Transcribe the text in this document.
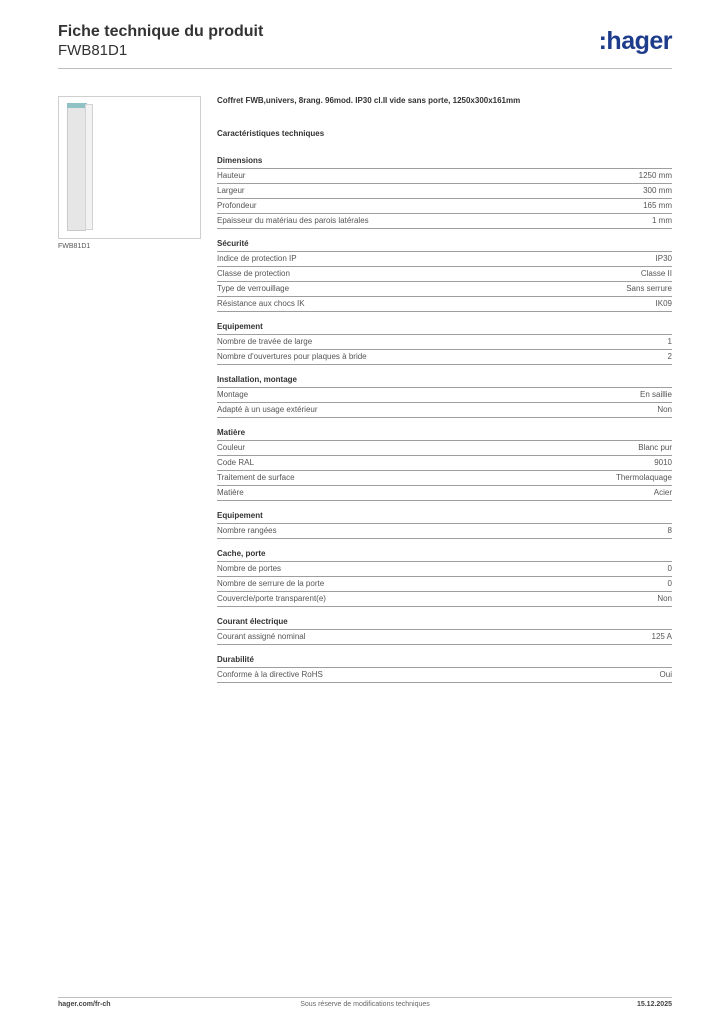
Fiche technique du produit
FWB81D1	:hager
FWB81D1
Coffret FWB,univers, 8rang. 96mod. IP30 cl.II vide sans porte, 1250x300x161mm
Caractéristiques techniques
Dimensions
Hauteur	1250 mm
Largeur	300 mm
Profondeur	165 mm
Epaisseur du matériau des parois latérales	1 mm
Sécurité
Indice de protection IP	IP30
Classe de protection	Classe II
Type de verrouillage	Sans serrure
Résistance aux chocs IK	IK09
Equipement
Nombre de travée de large	1
Nombre d'ouvertures pour plaques à bride	2
Installation, montage
Montage	En saillie
Adapté à un usage extérieur	Non
Matière
Couleur	Blanc pur
Code RAL	9010
Traitement de surface	Thermolaquage
Matière	Acier
Equipement
Nombre rangées	8
Cache, porte
Nombre de portes	0
Nombre de serrure de la porte	0
Couvercle/porte transparent(e)	Non
Courant électrique
Courant assigné nominal	125 A
Durabilité
Conforme à la directive RoHS	Oui
hager.com/fr-ch	Sous réserve de modifications techniques	15.12.2025
